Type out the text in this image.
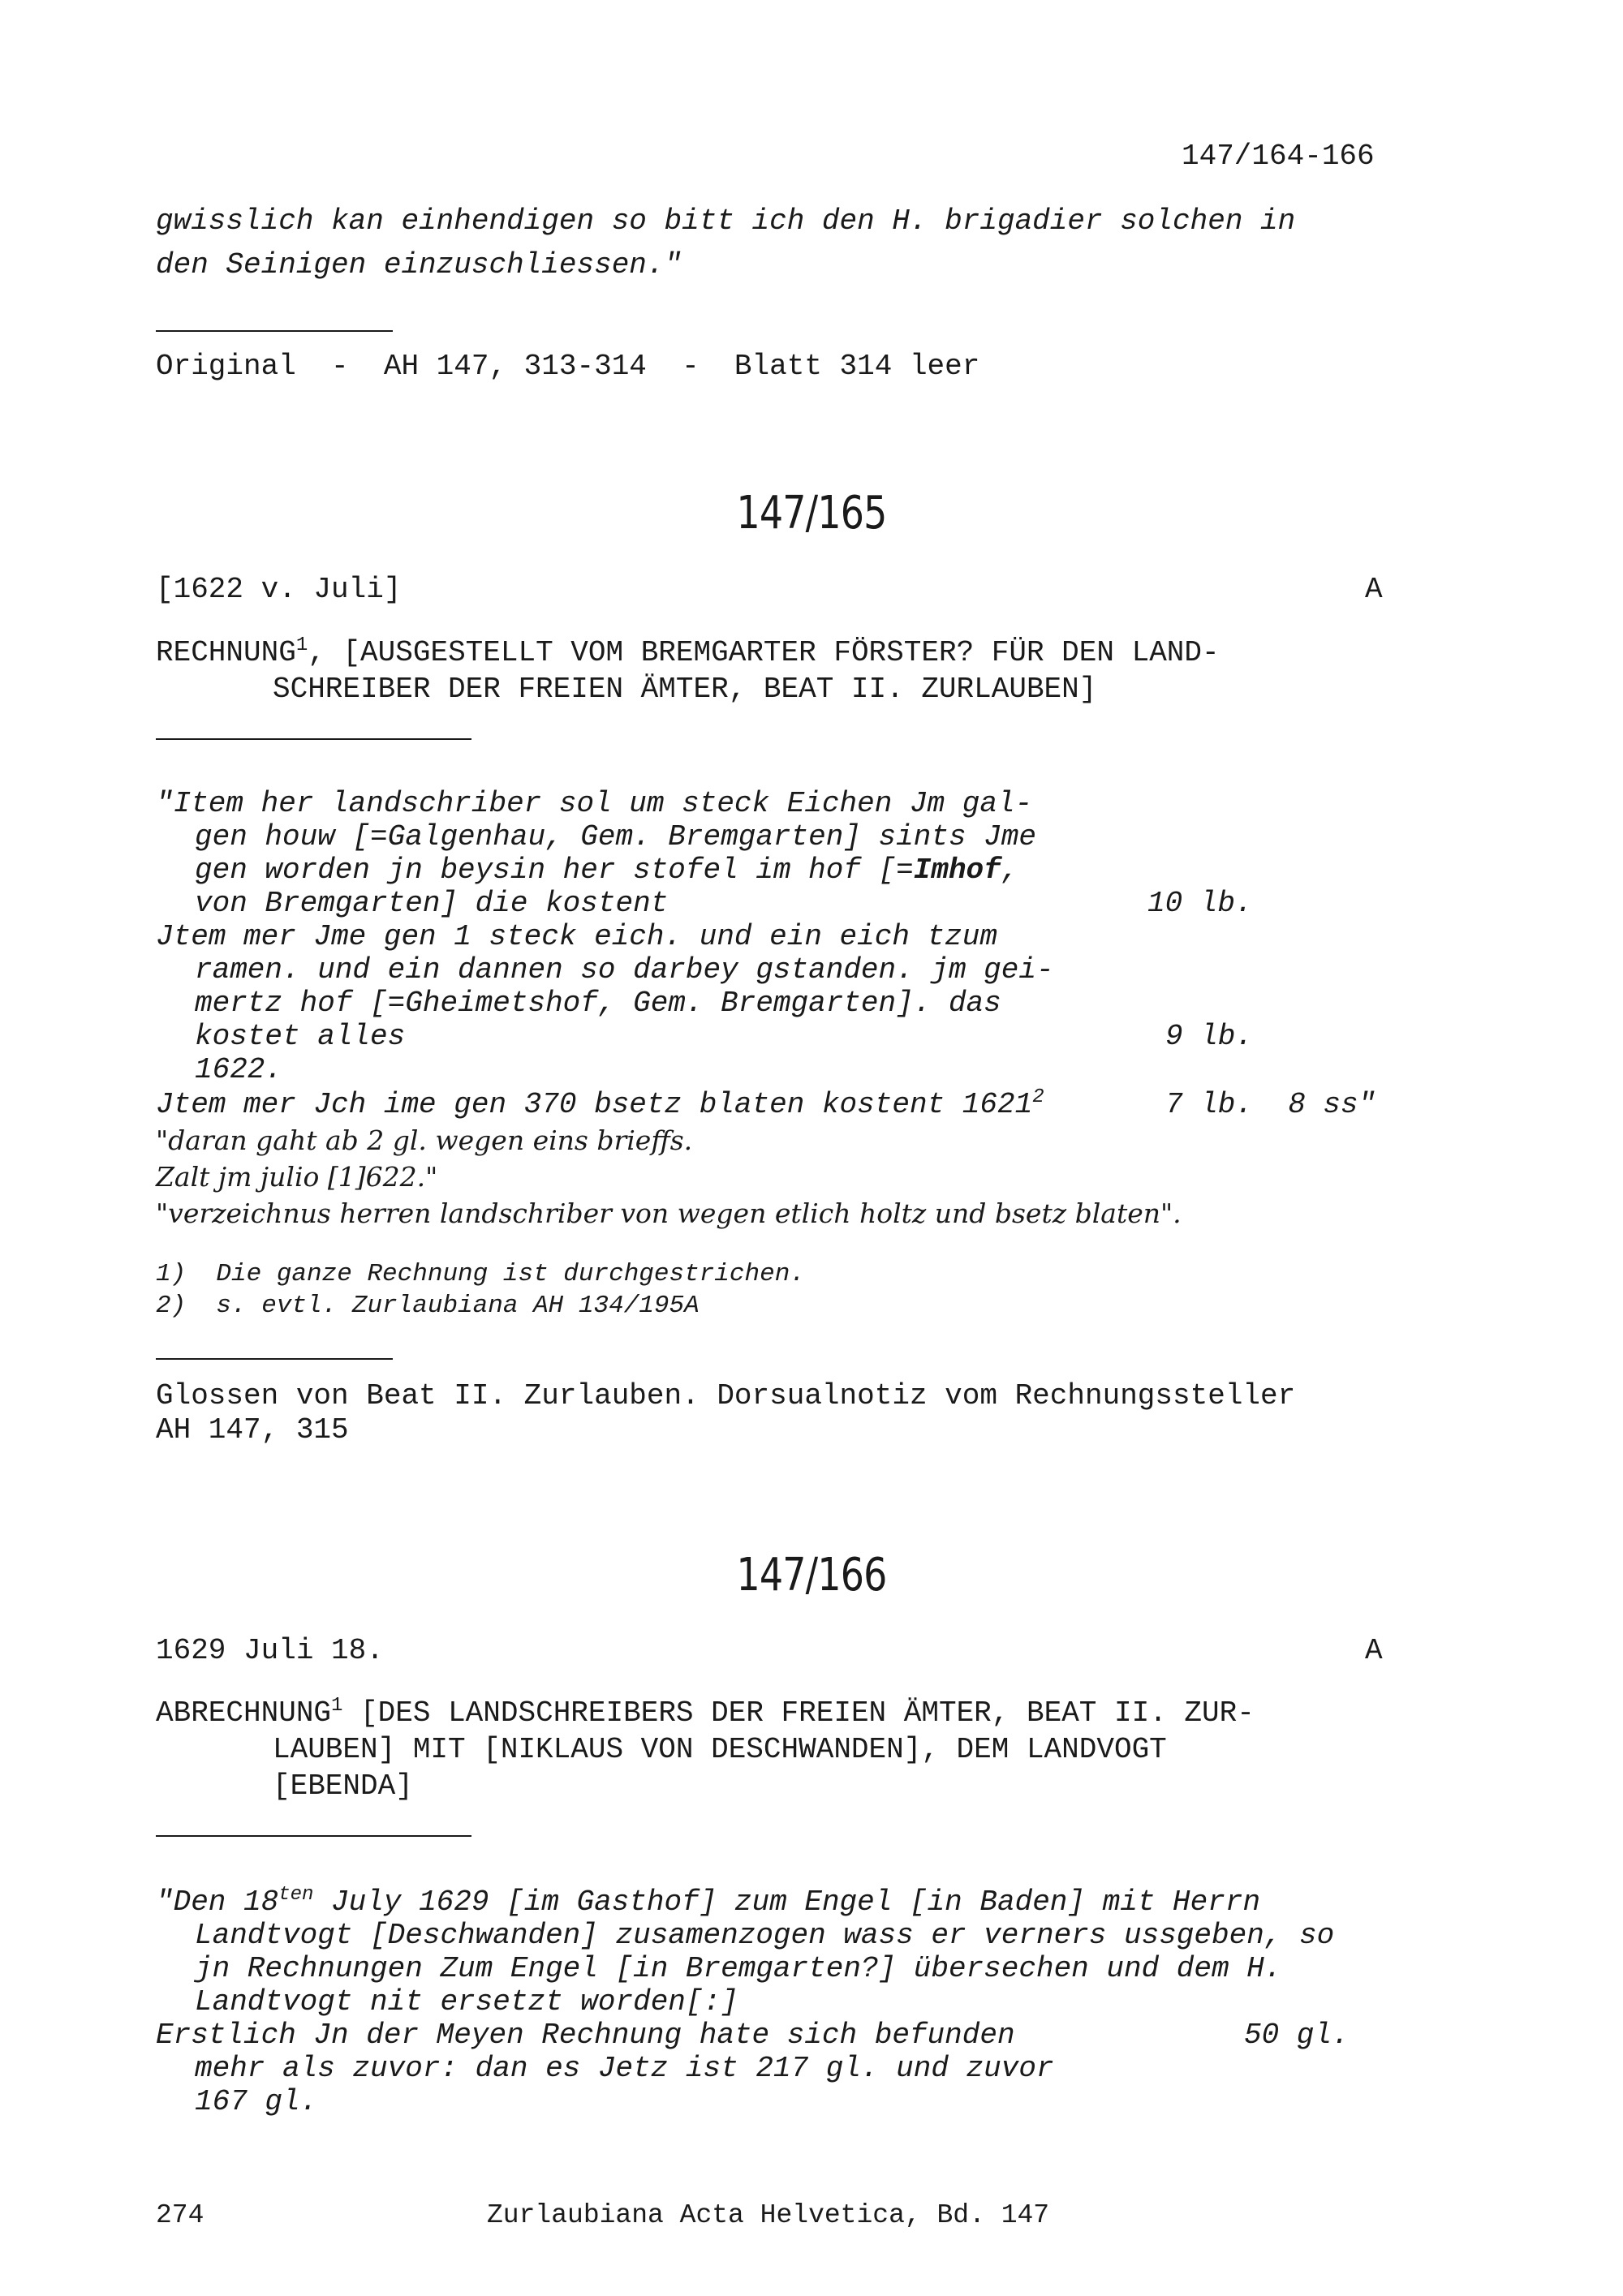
147/164-166

gwisslich kan einhendigen so bitt ich den H. brigadier solchen in

den Seinigen einzuschliessen."

Original  -  AH 147, 313-314  -  Blatt 314 leer

147/165

[1622 v. Juli]	A

RECHNUNG$^1$, [AUSGESTELLT VOM BREMGARTER FÖRSTER? FÜR DEN LAND-

SCHREIBER DER FREIEN ÄMTER, BEAT II. ZURLAUBEN]

"Item her landschriber sol um steck Eichen Jm gal-

gen houw [=Galgenhau, Gem. Bremgarten] sints Jme

gen worden jn beysin her stofel im hof [=Imhof,

von Bremgarten] die kostent	10 lb.

Jtem mer Jme gen 1 steck eich. und ein eich tzum

ramen. und ein dannen so darbey gstanden. jm gei-

mertz hof [=Gheimetshof, Gem. Bremgarten]. das

kostet alles	9 lb.

1622.

Jtem mer Jch ime gen 370 bsetz blaten kostent 1621$^2$	7 lb.  8 ss"

"daran gaht ab 2 gl. wegen eins brieffs.

Zalt jm julio [1]622."

"verzeichnus herren landschriber von wegen etlich holtz und bsetz blaten".

1)  Die ganze Rechnung ist durchgestrichen.

2)  s. evtl. Zurlaubiana AH 134/195A

Glossen von Beat II. Zurlauben. Dorsualnotiz vom Rechnungssteller

AH 147, 315

147/166

1629 Juli 18.	A

ABRECHNUNG$^1$ [DES LANDSCHREIBERS DER FREIEN ÄMTER, BEAT II. ZUR-

LAUBEN] MIT [NIKLAUS VON DESCHWANDEN], DEM LANDVOGT

[EBENDA]

"Den $18^{ten}$ July 1629 [im Gasthof] zum Engel [in Baden] mit Herrn

Landtvogt [Deschwanden] zusamenzogen wass er verners ussgeben, so

jn Rechnungen Zum Engel [in Bremgarten?] übersechen und dem H.

Landtvogt nit ersetzt worden[:]

Erstlich Jn der Meyen Rechnung hate sich befunden	50 gl.

mehr als zuvor: dan es Jetz ist 217 gl. und zuvor

167 gl.

274	Zurlaubiana Acta Helvetica, Bd. 147
